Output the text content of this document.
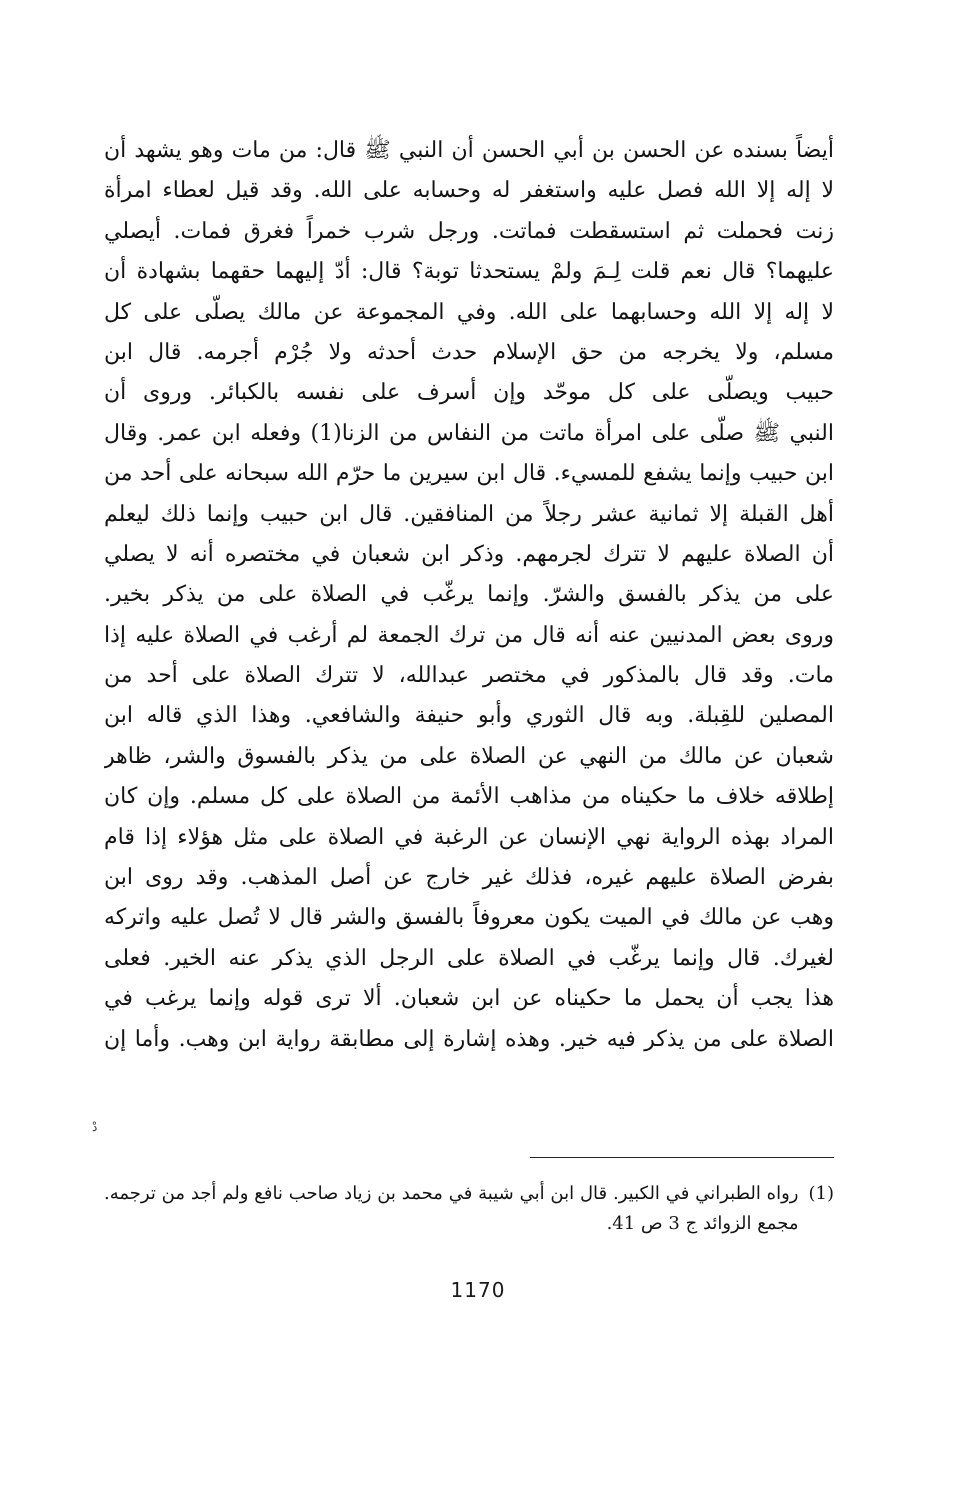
أيضاً بسنده عن الحسن بن أبي الحسن أن النبي ﷺ قال: من مات وهو يشهد أن
لا إله إلا الله فصل عليه واستغفر له وحسابه على الله. وقد قيل لعطاء امرأة
زنت فحملت ثم استسقطت فماتت. ورجل شرب خمراً فغرق فمات. أيصلي
عليهما؟ قال نعم قلت لِـمَ ولمْ يستحدثا توبة؟ قال: أدّ إليهما حقهما بشهادة أن
لا إله إلا الله وحسابهما على الله. وفي المجموعة عن مالك يصلّى على كل
مسلم، ولا يخرجه من حق الإسلام حدث أحدثه ولا جُرْم أجرمه. قال ابن
حبيب ويصلّى على كل موحّد وإن أسرف على نفسه بالكبائر. وروى أن
النبي ﷺ صلّى على امرأة ماتت من النفاس من الزنا(1) وفعله ابن عمر. وقال
ابن حبيب وإنما يشفع للمسيء. قال ابن سيرين ما حرّم الله سبحانه على أحد من
أهل القبلة إلا ثمانية عشر رجلاً من المنافقين. قال ابن حبيب وإنما ذلك ليعلم
أن الصلاة عليهم لا تترك لجرمهم. وذكر ابن شعبان في مختصره أنه لا يصلي
على من يذكر بالفسق والشرّ. وإنما يرغّب في الصلاة على من يذكر بخير.
وروى بعض المدنيين عنه أنه قال من ترك الجمعة لم أرغب في الصلاة عليه إذا
مات. وقد قال بالمذكور في مختصر عبدالله، لا تترك الصلاة على أحد من
المصلين للقِبلة. وبه قال الثوري وأبو حنيفة والشافعي. وهذا الذي قاله ابن
شعبان عن مالك من النهي عن الصلاة على من يذكر بالفسوق والشر، ظاهر
إطلاقه خلاف ما حكيناه من مذاهب الأئمة من الصلاة على كل مسلم. وإن كان
المراد بهذه الرواية نهي الإنسان عن الرغبة في الصلاة على مثل هؤلاء إذا قام
بفرض الصلاة عليهم غيره، فذلك غير خارج عن أصل المذهب. وقد روى ابن
وهب عن مالك في الميت يكون معروفاً بالفسق والشر قال لا تُصل عليه واتركه
لغيرك. قال وإنما يرغّب في الصلاة على الرجل الذي يذكر عنه الخير. فعلى
هذا يجب أن يحمل ما حكيناه عن ابن شعبان. ألا ترى قوله وإنما يرغب في
الصلاة على من يذكر فيه خير. وهذه إشارة إلى مطابقة رواية ابن وهب. وأما إن
دْ
(1)
رواه الطبراني في الكبير. قال ابن أبي شيبة في محمد بن زياد صاحب نافع ولم أجد من ترجمه. مجمع الزوائد ج 3 ص 41.
1170
